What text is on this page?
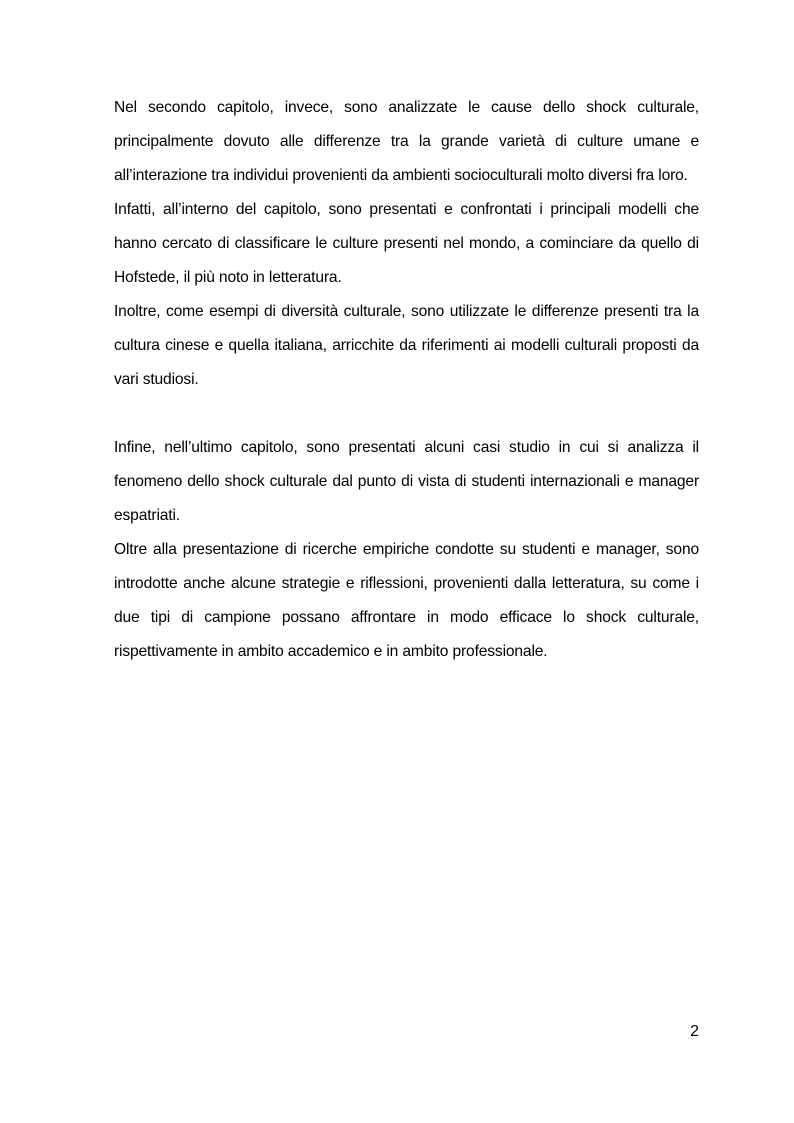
Nel secondo capitolo, invece, sono analizzate le cause dello shock culturale, principalmente dovuto alle differenze tra la grande varietà di culture umane e all’interazione tra individui provenienti da ambienti socioculturali molto diversi fra loro.

Infatti, all’interno del capitolo, sono presentati e confrontati i principali modelli che hanno cercato di classificare le culture presenti nel mondo, a cominciare da quello di Hofstede, il più noto in letteratura.

Inoltre, come esempi di diversità culturale, sono utilizzate le differenze presenti tra la cultura cinese e quella italiana, arricchite da riferimenti ai modelli culturali proposti da vari studiosi.

Infine, nell’ultimo capitolo, sono presentati alcuni casi studio in cui si analizza il fenomeno dello shock culturale dal punto di vista di studenti internazionali e manager espatriati.

Oltre alla presentazione di ricerche empiriche condotte su studenti e manager, sono introdotte anche alcune strategie e riflessioni, provenienti dalla letteratura, su come i due tipi di campione possano affrontare in modo efficace lo shock culturale, rispettivamente in ambito accademico e in ambito professionale.

2
